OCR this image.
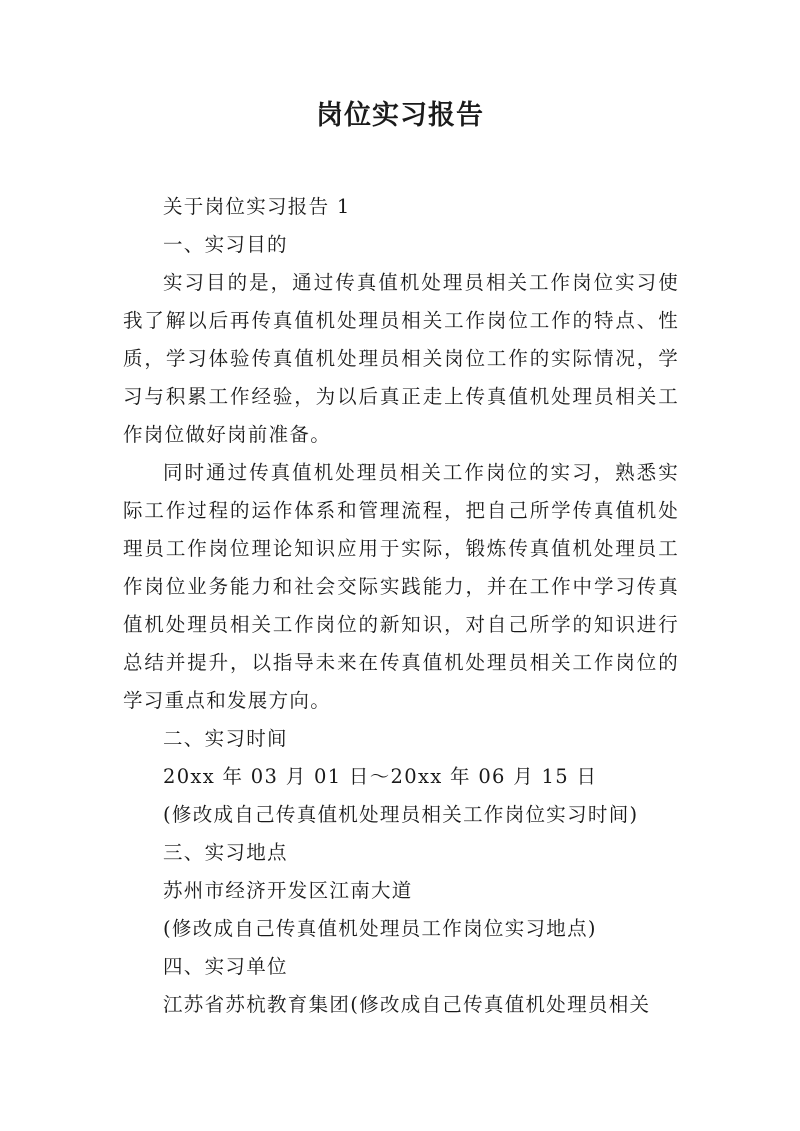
岗位实习报告

关于岗位实习报告 1

一、实习目的

实习目的是，通过传真值机处理员相关工作岗位实习使我了解以后再传真值机处理员相关工作岗位工作的特点、性质，学习体验传真值机处理员相关岗位工作的实际情况，学习与积累工作经验，为以后真正走上传真值机处理员相关工作岗位做好岗前准备。

同时通过传真值机处理员相关工作岗位的实习，熟悉实际工作过程的运作体系和管理流程，把自己所学传真值机处理员工作岗位理论知识应用于实际，锻炼传真值机处理员工作岗位业务能力和社会交际实践能力，并在工作中学习传真值机处理员相关工作岗位的新知识，对自己所学的知识进行总结并提升，以指导未来在传真值机处理员相关工作岗位的学习重点和发展方向。

二、实习时间

20xx 年 03 月 01 日～20xx 年 06 月 15 日

(修改成自己传真值机处理员相关工作岗位实习时间)

三、实习地点

苏州市经济开发区江南大道

(修改成自己传真值机处理员工作岗位实习地点)

四、实习单位

江苏省苏杭教育集团(修改成自己传真值机处理员相关
